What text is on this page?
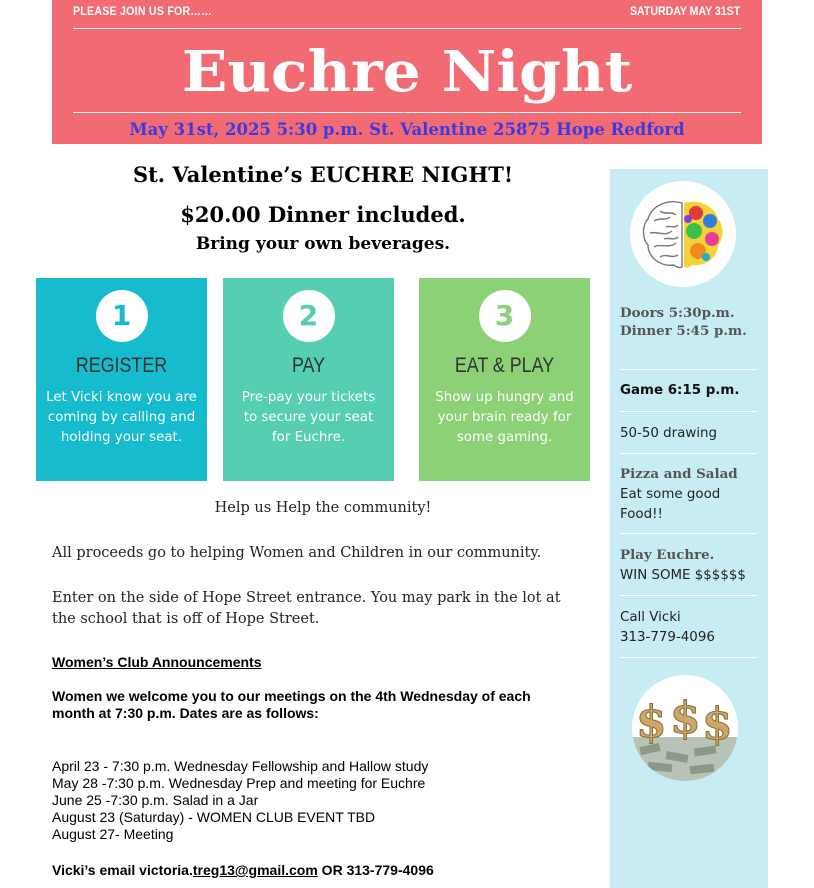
PLEASE JOIN US FOR……	SATURDAY MAY 31ST
Euchre Night
May 31st, 2025 5:30 p.m. St. Valentine 25875 Hope Redford
St. Valentine’s EUCHRE NIGHT!
$20.00 Dinner included.
Bring your own beverages.
1
REGISTER
Let Vicki know you are coming by calling and holding your seat.
2
PAY
Pre-pay your tickets to secure your seat for Euchre.
3
EAT & PLAY
Show up hungry and your brain ready for some gaming.
Help us Help the community!
All proceeds go to helping Women and Children in our community.
Enter on the side of Hope Street entrance. You may park in the lot at the school that is off of Hope Street.
Women’s Club Announcements
Women we welcome you to our meetings on the 4th Wednesday of each month at 7:30 p.m. Dates are as follows:
April 23 - 7:30 p.m. Wednesday Fellowship and Hallow study
May 28 -7:30 p.m. Wednesday Prep and meeting for Euchre
June 25 -7:30 p.m. Salad in a Jar
August 23 (Saturday) - WOMEN CLUB EVENT TBD
August 27- Meeting
Vicki’s email victoria.treg13@gmail.com OR 313-779-4096
Doors 5:30p.m.
Dinner 5:45 p.m.
Game 6:15 p.m.
50-50 drawing
Pizza and Salad
Eat some good Food!!
Play Euchre.
WIN SOME $$$$$$
Call Vicki
313-779-4096
$ $ $
